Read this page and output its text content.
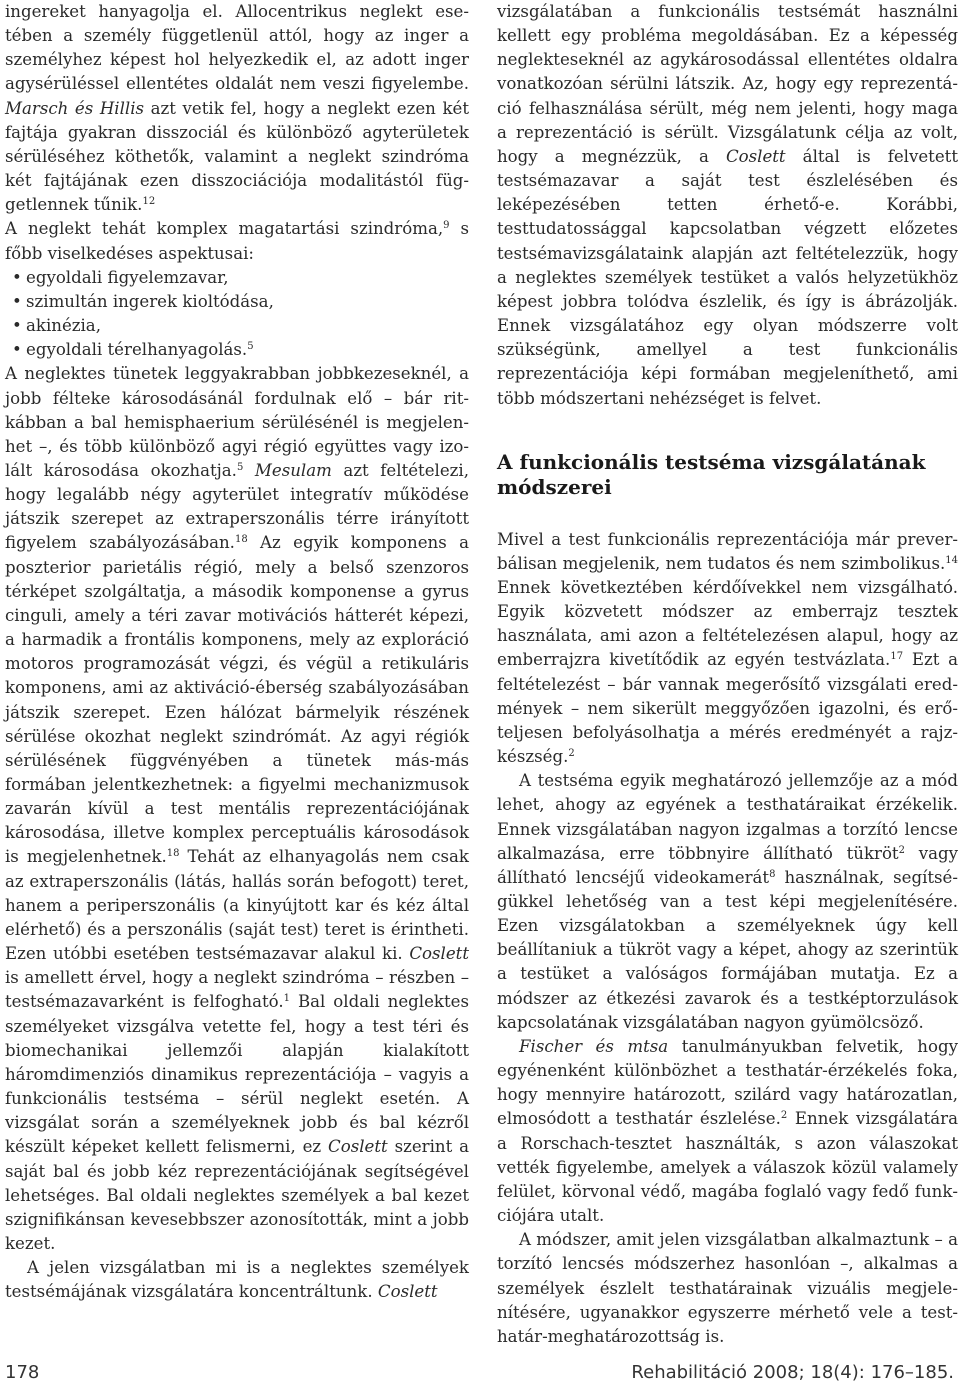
ingereket hanyagolja el. Allocentrikus neglekt esetében a személy függetlenül attól, hogy az inger a személyhez képest hol helyezkedik el, az adott inger agysérüléssel ellentétes oldalát nem veszi figyelembe. Marsch és Hillis azt vetik fel, hogy a neglekt ezen két fajtája gyakran disszociál és különböző agyterületek sérüléséhez köthetők, valamint a neglekt szindróma két fajtájának ezen disszociációja modalitástól függetlennek tűnik.$^{12}$

A neglekt tehát komplex magatartási szindróma,$^9$ s főbb viselkedéses aspektusai:

• egyoldali figyelemzavar,
• szimultán ingerek kioltódása,
• akinézia,
• egyoldali térelhanyagolás.$^5$

A neglektes tünetek leggyakrabban jobbkezeseknél, a jobb félteke károsodásánál fordulnak elő – bár ritkábban a bal hemisphaerium sérülésénél is megjelenhet –, és több különböző agyi régió együttes vagy izolált károsodása okozhatja.$^5$ Mesulam azt feltételezi, hogy legalább négy agyterület integratív működése játszik szerepet az extraperszonális térre irányított figyelem szabályozásában.$^{18}$ Az egyik komponens a poszterior parietális régió, mely a belső szenzoros térképet szolgáltatja, a második komponense a gyrus cinguli, amely a téri zavar motivációs hátterét képezi, a harmadik a frontális komponens, mely az exploráció motoros programozását végzi, és végül a retikuláris komponens, ami az aktiváció-éberség szabályozásában játszik szerepet. Ezen hálózat bármelyik részének sérülése okozhat neglekt szindrómát. Az agyi régiók sérülésének függvényében a tünetek más-más formában jelentkezhetnek: a figyelmi mechanizmusok zavarán kívül a test mentális reprezentációjának károsodása, illetve komplex perceptuális károsodások is megjelenhetnek.$^{18}$ Tehát az elhanyagolás nem csak az extraperszonális (látás, hallás során befogott) teret, hanem a periperszonális (a kinyújtott kar és kéz által elérhető) és a perszonális (saját test) teret is érintheti. Ezen utóbbi esetében testsémazavar alakul ki. Coslett is amellett érvel, hogy a neglekt szindróma – részben – testsémazavarként is felfogható.$^1$ Bal oldali neglektes személyeket vizsgálva vetette fel, hogy a test téri és biomechanikai jellemzői alapján kialakított háromdimenziós dinamikus reprezentációja – vagyis a funkcionális testséma – sérül neglekt esetén. A vizsgálat során a személyeknek jobb és bal kézről készült képeket kellett felismerni, ez Coslett szerint a saját bal és jobb kéz reprezentációjának segítségével lehetséges. Bal oldali neglektes személyek a bal kezet szignifikánsan kevesebbszer azonosították, mint a jobb kezet.

A jelen vizsgálatban mi is a neglektes személyek testsémájának vizsgálatára koncentráltunk. Coslett

vizsgálatában a funkcionális testsémát használni kellett egy probléma megoldásában. Ez a képesség neglekteseknél az agykárosodással ellentétes oldalra vonatkozóan sérülni látszik. Az, hogy egy reprezentáció felhasználása sérült, még nem jelenti, hogy maga a reprezentáció is sérült. Vizsgálatunk célja az volt, hogy a megnézzük, a Coslett által is felvetett testsémazavar a saját test észlelésében és leképezésében tetten érhető-e. Korábbi, testtudatossággal kapcsolatban végzett előzetes testsémavizsgálataink alapján azt feltételezzük, hogy a neglektes személyek testüket a valós helyzetükhöz képest jobbra tolódva észlelik, és így is ábrázolják. Ennek vizsgálatához egy olyan módszerre volt szükségünk, amellyel a test funkcionális reprezentációja képi formában megjeleníthető, ami több módszertani nehézséget is felvet.

A funkcionális testséma vizsgálatának módszerei

Mivel a test funkcionális reprezentációja már preverbálisan megjelenik, nem tudatos és nem szimbolikus.$^{14}$ Ennek következtében kérdőívekkel nem vizsgálható. Egyik közvetett módszer az emberrajz tesztek használata, ami azon a feltételezésen alapul, hogy az emberrajzra kivetítődik az egyén testvázlata.$^{17}$ Ezt a feltételezést – bár vannak megerősítő vizsgálati eredmények – nem sikerült meggyőzően igazolni, és erőteljesen befolyásolhatja a mérés eredményét a rajzkészség.$^2$

A testséma egyik meghatározó jellemzője az a mód lehet, ahogy az egyének a testhatáraikat érzékelik. Ennek vizsgálatában nagyon izgalmas a torzító lencse alkalmazása, erre többnyire állítható tükröt$^2$ vagy állítható lencséjű videokamerát$^8$ használnak, segítségükkel lehetőség van a test képi megjelenítésére. Ezen vizsgálatokban a személyeknek úgy kell beállítaniuk a tükröt vagy a képet, ahogy az szerintük a testüket a valóságos formájában mutatja. Ez a módszer az étkezési zavarok és a testképtorzulások kapcsolatának vizsgálatában nagyon gyümölcsöző.

Fischer és mtsa tanulmányukban felvetik, hogy egyénenként különbözhet a testhatár-érzékelés foka, hogy mennyire határozott, szilárd vagy határozatlan, elmosódott a testhatár észlelése.$^2$ Ennek vizsgálatára a Rorschach-tesztet használták, s azon válaszokat vették figyelembe, amelyek a válaszok közül valamely felület, körvonal védő, magába foglaló vagy fedő funkciójára utalt.

A módszer, amit jelen vizsgálatban alkalmaztunk – a torzító lencsés módszerhez hasonlóan –, alkalmas a személyek észlelt testhatárainak vizuális megjelenítésére, ugyanakkor egyszerre mérhető vele a testhatár-meghatározottság is.

178	Rehabilitáció 2008; 18(4): 176–185.
